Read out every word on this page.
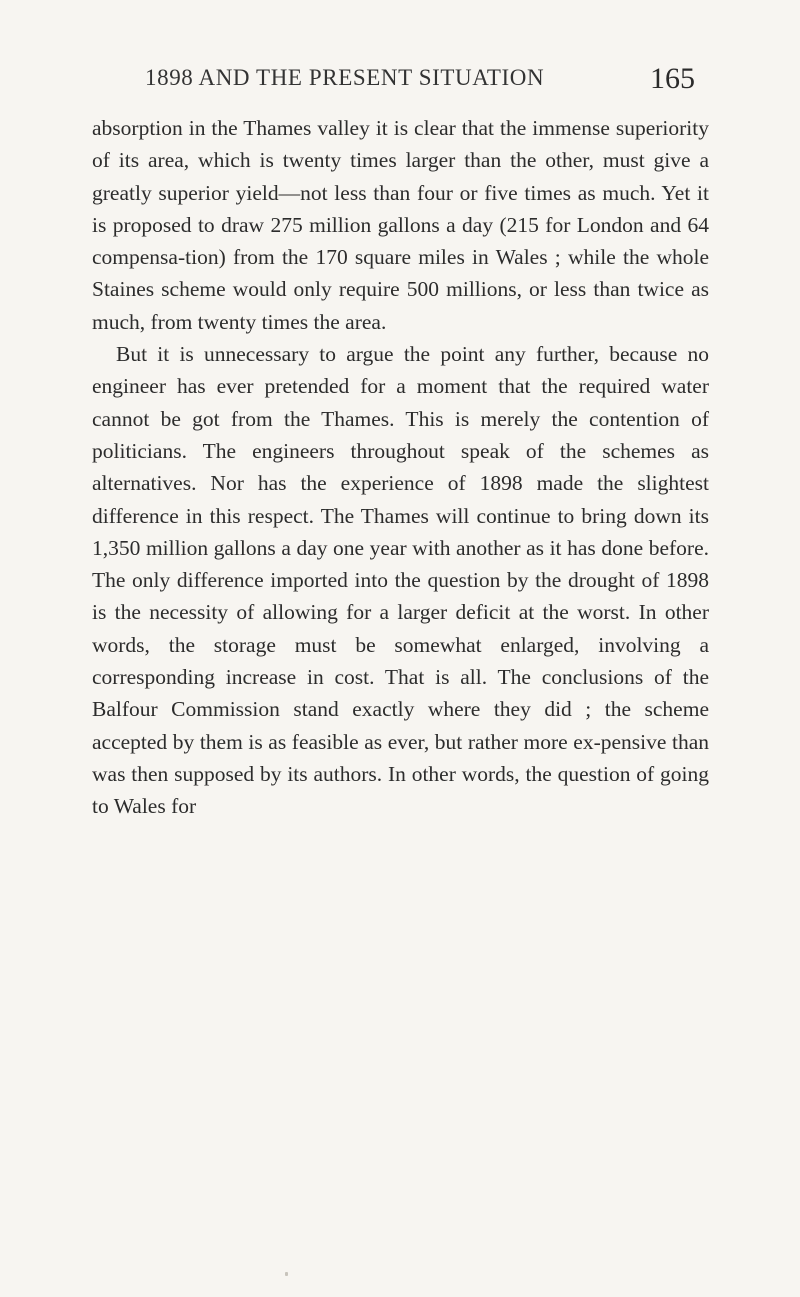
1898 AND THE PRESENT SITUATION	165

absorption in the Thames valley it is clear that the immense superiority of its area, which is twenty times larger than the other, must give a greatly superior yield—not less than four or five times as much. Yet it is proposed to draw 275 million gallons a day (215 for London and 64 compensa-tion) from the 170 square miles in Wales ; while the whole Staines scheme would only require 500 millions, or less than twice as much, from twenty times the area.

But it is unnecessary to argue the point any further, because no engineer has ever pretended for a moment that the required water cannot be got from the Thames. This is merely the contention of politicians. The engineers throughout speak of the schemes as alternatives. Nor has the experience of 1898 made the slightest difference in this respect. The Thames will continue to bring down its 1,350 million gallons a day one year with another as it has done before. The only difference imported into the question by the drought of 1898 is the necessity of allowing for a larger deficit at the worst. In other words, the storage must be somewhat enlarged, involving a corresponding increase in cost. That is all. The conclusions of the Balfour Commission stand exactly where they did ; the scheme accepted by them is as feasible as ever, but rather more ex-pensive than was then supposed by its authors. In other words, the question of going to Wales for
